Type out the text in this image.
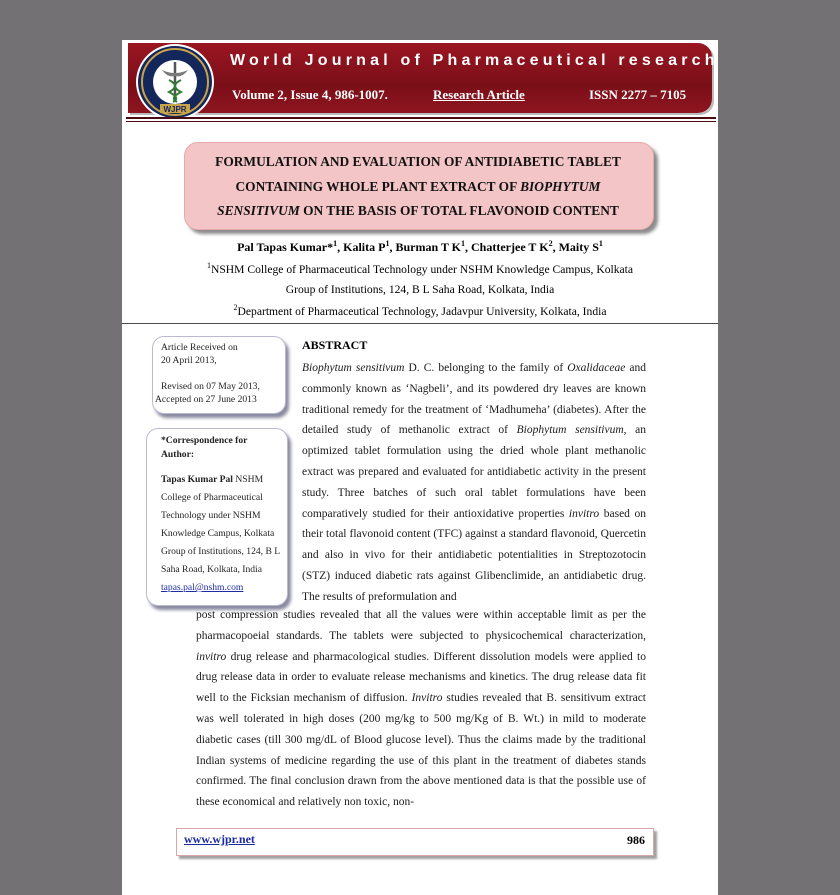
WJPR
World Journal of Pharmaceutical research
Volume 2, Issue 4, 986-1007.	Research Article	ISSN 2277 – 7105
FORMULATION AND EVALUATION OF ANTIDIABETIC TABLET
CONTAINING WHOLE PLANT EXTRACT OF BIOPHYTUM
SENSITIVUM ON THE BASIS OF TOTAL FLAVONOID CONTENT
Pal Tapas Kumar*$^1$, Kalita $P^1$, Burman T $K^1$, Chatterjee T $K^2$, Maity $S^1$
$^1$NSHM College of Pharmaceutical Technology under NSHM Knowledge Campus, Kolkata
Group of Institutions, 124, B L Saha Road, Kolkata, India
$^2$Department of Pharmaceutical Technology, Jadavpur University, Kolkata, India
Article Received on
20 April 2013,
Revised on 07 May 2013,
Accepted on 27 June 2013
*Correspondence for
Author:
Tapas Kumar Pal NSHM
College of Pharmaceutical
Technology under NSHM
Knowledge Campus, Kolkata
Group of Institutions, 124, B L
Saha Road, Kolkata, India
tapas.pal@nshm.com
ABSTRACT
Biophytum sensitivum D. C. belonging to the family of Oxalidaceae and commonly known as ‘Nagbeli’, and its powdered dry leaves are known traditional remedy for the treatment of ‘Madhumeha’ (diabetes). After the detailed study of methanolic extract of Biophytum sensitivum, an optimized tablet formulation using the dried whole plant methanolic extract was prepared and evaluated for antidiabetic activity in the present study. Three batches of such oral tablet formulations have been comparatively studied for their antioxidative properties invitro based on their total flavonoid content (TFC) against a standard flavonoid, Quercetin and also in vivo for their antidiabetic potentialities in Streptozotocin (STZ) induced diabetic rats against Glibenclimide, an antidiabetic drug. The results of preformulation and
post compression studies revealed that all the values were within acceptable limit as per the pharmacopoeial standards. The tablets were subjected to physicochemical characterization, invitro drug release and pharmacological studies. Different dissolution models were applied to drug release data in order to evaluate release mechanisms and kinetics. The drug release data fit well to the Ficksian mechanism of diffusion. Invitro studies revealed that B. sensitivum extract was well tolerated in high doses (200 mg/kg to 500 mg/Kg of B. Wt.) in mild to moderate diabetic cases (till 300 mg/dL of Blood glucose level). Thus the claims made by the traditional Indian systems of medicine regarding the use of this plant in the treatment of diabetes stands confirmed. The final conclusion drawn from the above mentioned data is that the possible use of these economical and relatively non toxic, non-
www.wjpr.net	986
